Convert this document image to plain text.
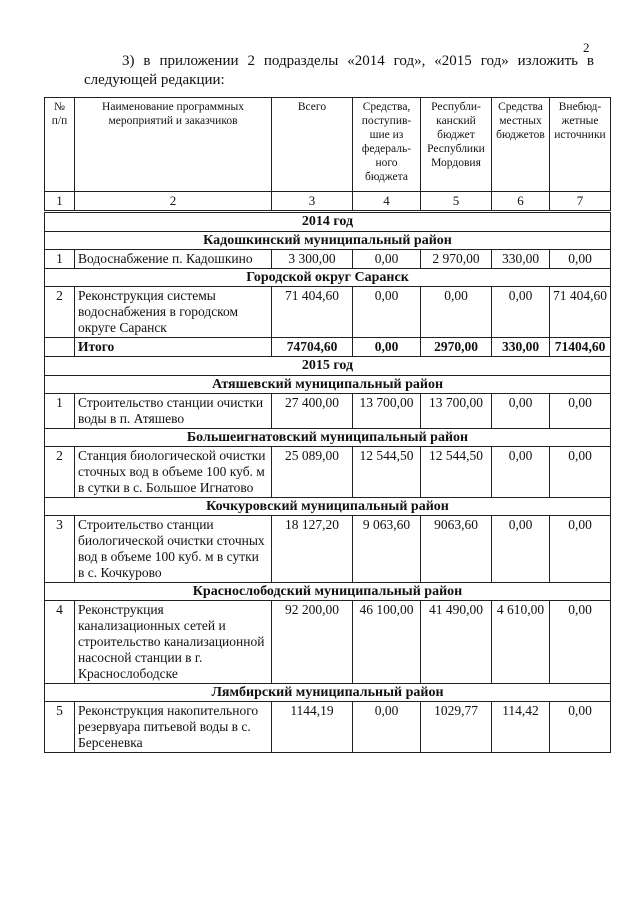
2
3) в приложении 2 подразделы «2014 год», «2015 год» изложить в следующей редакции:
№ п/п	Наименование программных мероприятий и заказчиков	Всего	Средства, поступив-шие из федераль-ного бюджета	Республи-канский бюджет Республики Мордовия	Средства местных бюджетов	Внебюд-жетные источники
1	2	3	4	5	6	7
2014 год						
Кадошкинский муниципальный район						
1	Водоснабжение п. Кадошкино	3 300,00	0,00	2 970,00	330,00	0,00
Городской округ Саранск						
2	Реконструкция системы водоснабжения в городском округе Саранск	71 404,60	0,00	0,00	0,00	71 404,60
	Итого	74704,60	0,00	2970,00	330,00	71404,60
2015 год						
Атяшевский муниципальный район						
1	Строительство станции очистки воды в п. Атяшево	27 400,00	13 700,00	13 700,00	0,00	0,00
Большеигнатовский муниципальный район						
2	Станция биологической очистки сточных вод в объеме 100 куб. м в сутки в с. Большое Игнатово	25 089,00	12 544,50	12 544,50	0,00	0,00
Кочкуровский муниципальный район						
3	Строительство станции биологической очистки сточных вод в объеме 100 куб. м в сутки в с. Кочкурово	18 127,20	9 063,60	9063,60	0,00	0,00
Краснослободский муниципальный район						
4	Реконструкция канализационных сетей и строительство канализационной насосной станции в г. Краснослободске	92 200,00	46 100,00	41 490,00	4 610,00	0,00
Лямбирский муниципальный район						
5	Реконструкция накопительного резервуара питьевой воды в с. Берсеневка	1144,19	0,00	1029,77	114,42	0,00
